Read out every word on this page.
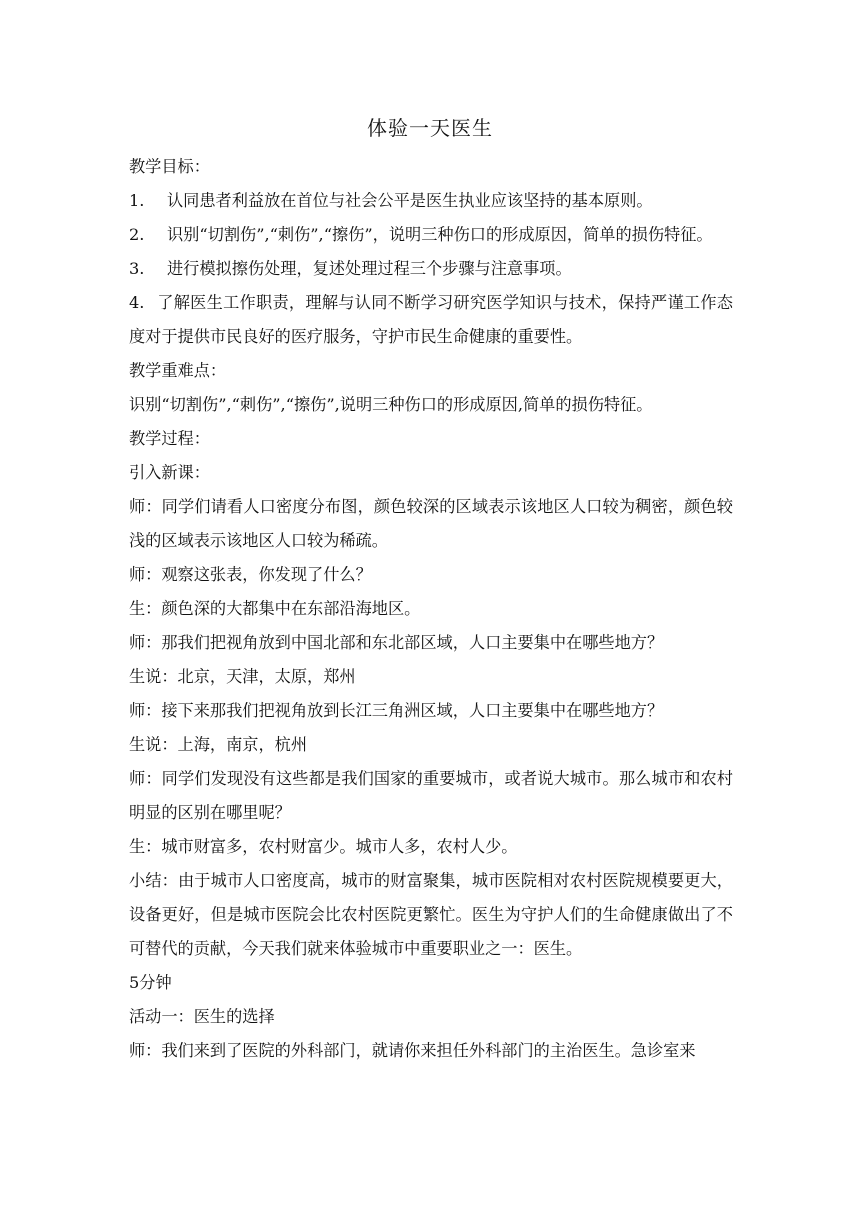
体验一天医生

教学目标：

1. 认同患者利益放在首位与社会公平是医生执业应该坚持的基本原则。

2. 识别“切割伤”,“刺伤”,“擦伤”，说明三种伤口的形成原因，简单的损伤特征。

3. 进行模拟擦伤处理，复述处理过程三个步骤与注意事项。

4. 了解医生工作职责，理解与认同不断学习研究医学知识与技术，保持严谨工作态度对于提供市民良好的医疗服务，守护市民生命健康的重要性。

教学重难点：

识别“切割伤”,“刺伤”,“擦伤”,说明三种伤口的形成原因,简单的损伤特征。

教学过程：

引入新课：

师：同学们请看人口密度分布图，颜色较深的区域表示该地区人口较为稠密，颜色较浅的区域表示该地区人口较为稀疏。

师：观察这张表，你发现了什么？

生：颜色深的大都集中在东部沿海地区。

师：那我们把视角放到中国北部和东北部区域，人口主要集中在哪些地方？

生说：北京，天津，太原，郑州

师：接下来那我们把视角放到长江三角洲区域，人口主要集中在哪些地方？

生说：上海，南京，杭州

师：同学们发现没有这些都是我们国家的重要城市，或者说大城市。那么城市和农村明显的区别在哪里呢？

生：城市财富多，农村财富少。城市人多，农村人少。

小结：由于城市人口密度高，城市的财富聚集，城市医院相对农村医院规模要更大，设备更好，但是城市医院会比农村医院更繁忙。医生为守护人们的生命健康做出了不可替代的贡献，今天我们就来体验城市中重要职业之一：医生。

5分钟

活动一：医生的选择

师：我们来到了医院的外科部门，就请你来担任外科部门的主治医生。急诊室来
